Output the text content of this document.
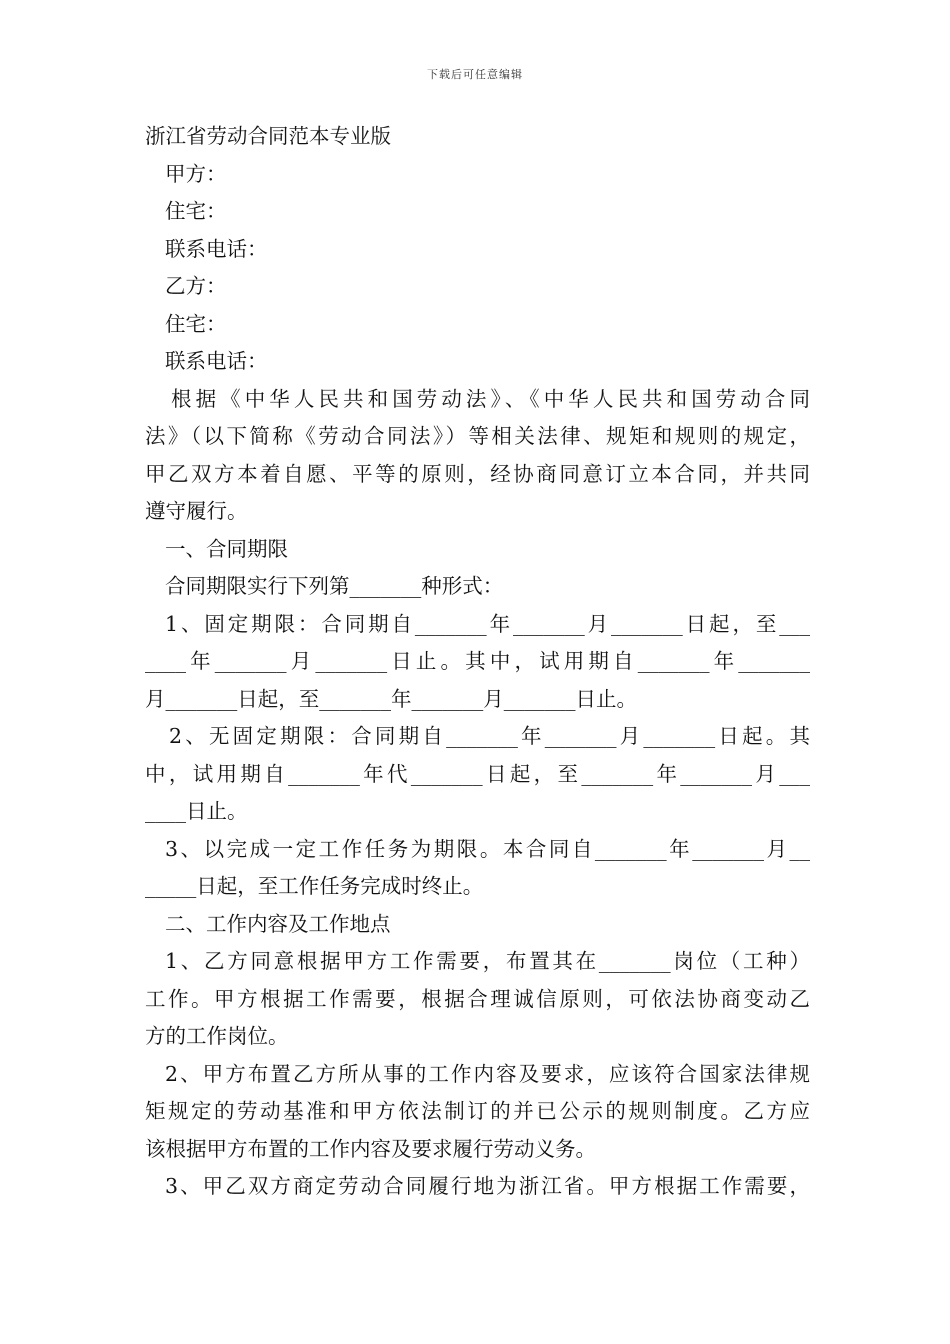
下载后可任意编辑
浙江省劳动合同范本专业版
甲方：
住宅：
联系电话：
乙方：
住宅：
联系电话：
根据《中华人民共和国劳动法》、《中华人民共和国劳动合同
法》（以下简称《劳动合同法》）等相关法律、规矩和规则的规定，
甲乙双方本着自愿、平等的原则，经协商同意订立本合同，并共同
遵守履行。
一、合同期限
合同期限实行下列第_______种形式：
1、固定期限：合同期自_______年_______月_______日起，至___
____年_______月_______日止。其中，试用期自_______年_______
月_______日起，至_______年_______月_______日止。
2、无固定期限：合同期自_______年_______月_______日起。其
中，试用期自_______年代_______日起，至_______年_______月___
____日止。
3、以完成一定工作任务为期限。本合同自_______年_______月__
_____日起，至工作任务完成时终止。
二、工作内容及工作地点
1、乙方同意根据甲方工作需要，布置其在_______岗位（工种）
工作。甲方根据工作需要，根据合理诚信原则，可依法协商变动乙
方的工作岗位。
2、甲方布置乙方所从事的工作内容及要求，应该符合国家法律规
矩规定的劳动基准和甲方依法制订的并已公示的规则制度。乙方应
该根据甲方布置的工作内容及要求履行劳动义务。
3、甲乙双方商定劳动合同履行地为浙江省。甲方根据工作需要，
